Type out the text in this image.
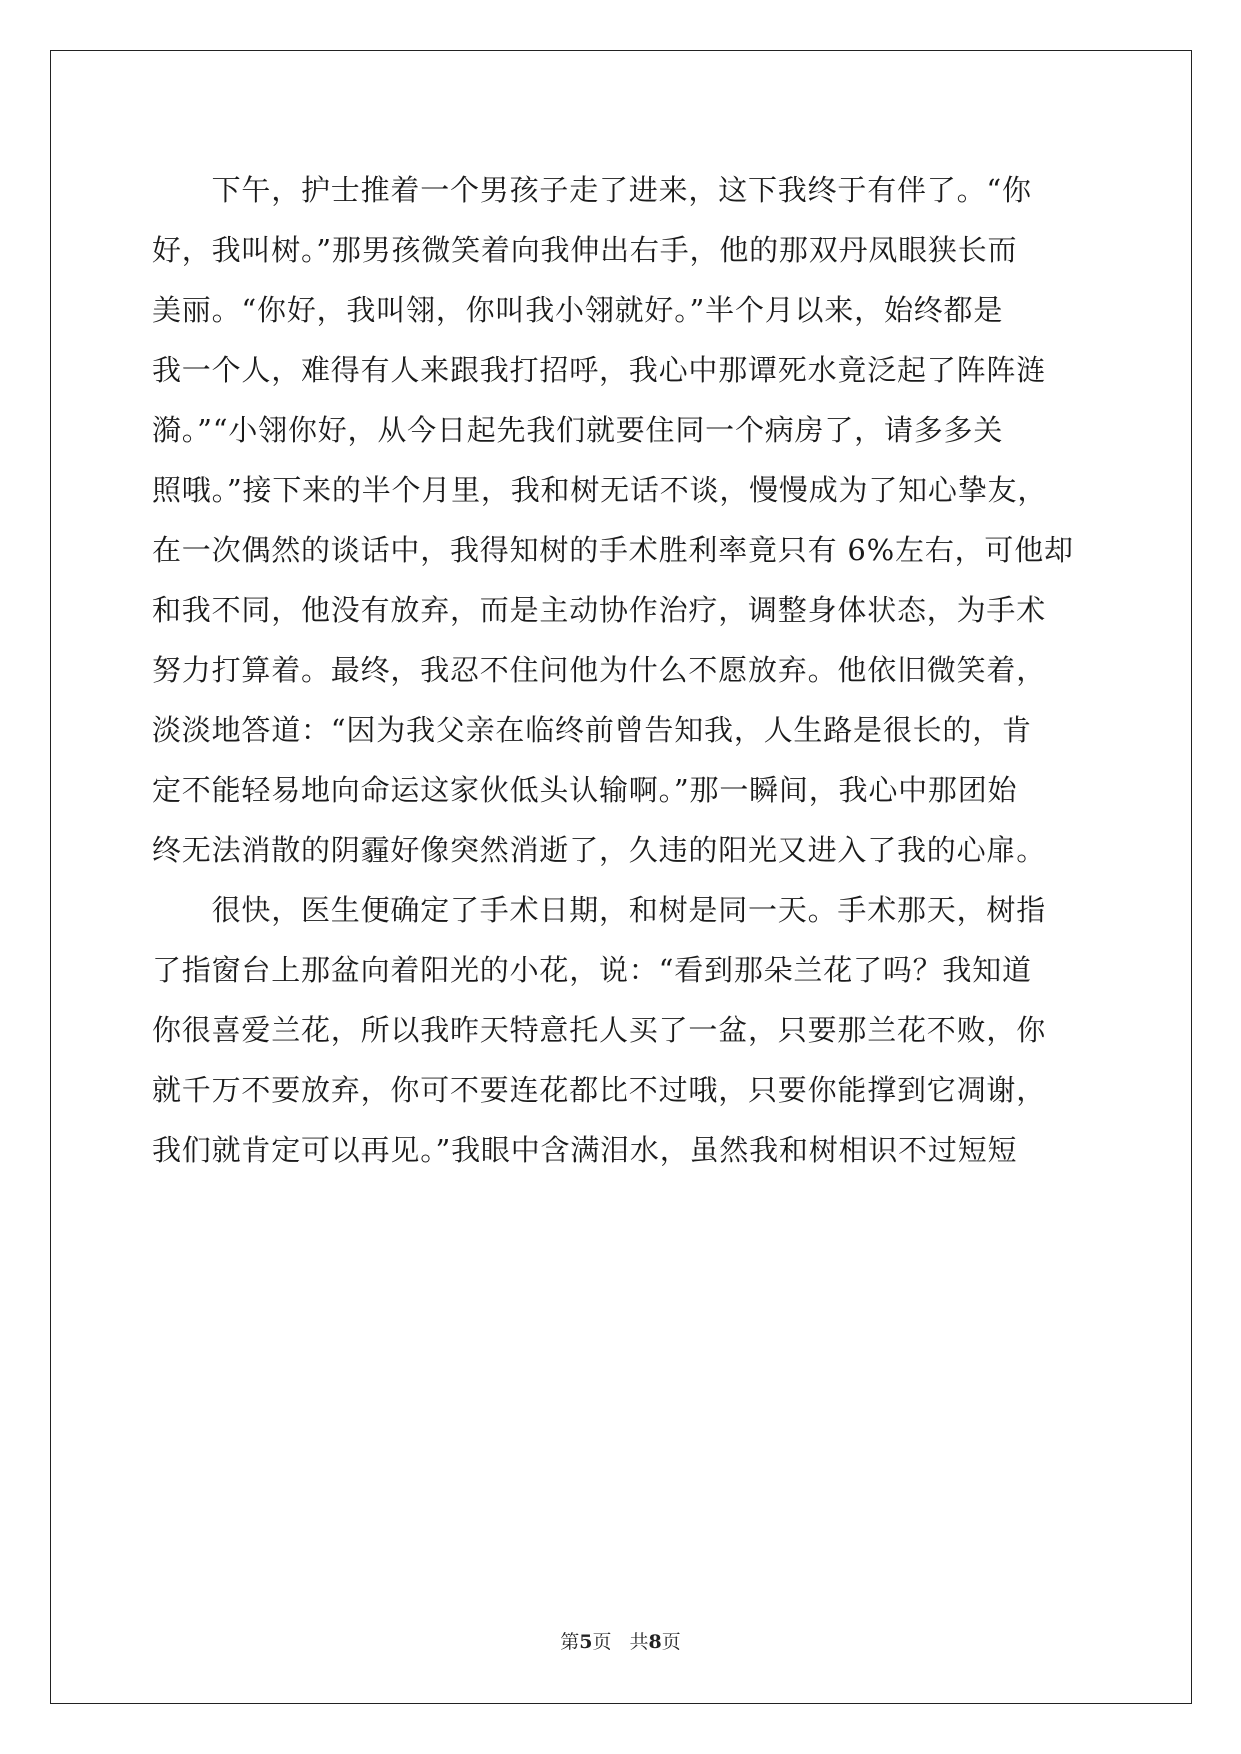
　　下午，护士推着一个男孩子走了进来，这下我终于有伴了。“你
好，我叫树。”那男孩微笑着向我伸出右手，他的那双丹凤眼狭长而
美丽。“你好，我叫翎，你叫我小翎就好。”半个月以来，始终都是
我一个人，难得有人来跟我打招呼，我心中那谭死水竟泛起了阵阵涟
漪。”“小翎你好，从今日起先我们就要住同一个病房了，请多多关
照哦。”接下来的半个月里，我和树无话不谈，慢慢成为了知心挚友，
在一次偶然的谈话中，我得知树的手术胜利率竟只有 6%左右，可他却
和我不同，他没有放弃，而是主动协作治疗，调整身体状态，为手术
努力打算着。最终，我忍不住问他为什么不愿放弃。他依旧微笑着，
淡淡地答道：“因为我父亲在临终前曾告知我，人生路是很长的，肯
定不能轻易地向命运这家伙低头认输啊。”那一瞬间，我心中那团始
终无法消散的阴霾好像突然消逝了，久违的阳光又进入了我的心扉。
　　很快，医生便确定了手术日期，和树是同一天。手术那天，树指
了指窗台上那盆向着阳光的小花，说：“看到那朵兰花了吗？我知道
你很喜爱兰花，所以我昨天特意托人买了一盆，只要那兰花不败，你
就千万不要放弃，你可不要连花都比不过哦，只要你能撑到它凋谢，
我们就肯定可以再见。”我眼中含满泪水，虽然我和树相识不过短短
第5页 共8页
